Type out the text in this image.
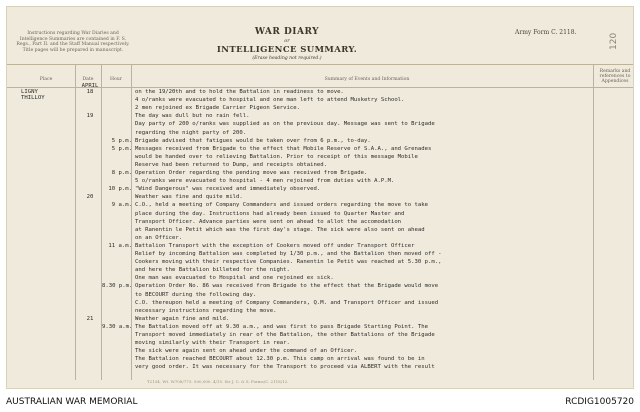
Instructions regarding War Diaries and Intelligence Summaries are contained in F. S. Regs., Part II. and the Staff Manual respectively. Title pages will be prepared in manuscript.
WAR DIARY
or
INTELLIGENCE SUMMARY.
(Erase heading not required.)
Army Form C. 2118.	120
Place	Date	Hour	Summary of Events and Information
Remarks and references to Appendices
LIGNY THILLOY
APRIL 18	on the 19/20th and to hold the Battalion in readiness to move.
4 o/ranks were evacuated to hospital and one man left to attend Musketry School.
2 men rejoined ex Brigade Carrier Pigeon Service.
19	The day was dull but no rain fell.
Day party of 200 o/ranks was supplied as on the previous day. Message was sent to Brigade
regarding the night party of 200.
5 p.m. Brigade advised that fatigues would be taken over from 6 p.m., to-day.
5 p.m. Messages received from Brigade to the effect that Mobile Reserve of S.A.A., and Grenades
would be handed over to relieving Battalion. Prior to receipt of this message Mobile
Reserve had been returned to Dump, and receipts obtained.
8 p.m. Operation Order regarding the pending move was received from Brigade.
5 o/ranks were evacuated to hospital - 4 men rejoined from duties with A.P.M.
10 p.m. "Wind Dangerous" was received and immediately observed.
20	Weather was fine and quite mild.
9 a.m. C.O., held a meeting of Company Commanders and issued orders regarding the move to take
place during the day. Instructions had already been issued to Quarter Master and
Transport Officer. Advance parties were sent on ahead to allot the accomodation
at Ranentin le Petit which was the first day's stage. The sick were also sent on ahead
on an Officer.
11 a.m. Battalion Transport with the exception of Cookers moved off under Transport Officer
Relief by incoming Battalion was completed by 1/30 p.m., and the Battalion then moved off -
Cookers moving with their respective Companies. Ranentin le Petit was reached at 5.30 p.m.,
and here the Battalion billeted for the night.
One man was evacuated to Hospital and one rejoined ex sick.
8.30 p.m. Operation Order No. 86 was received from Brigade to the effect that the Brigade would move
to BECOURT during the following day.
C.O. thereupon held a meeting of Company Commanders, Q.M. and Transport Officer and issued
necessary instructions regarding the move.
21	Weather again fine and mild.
9.30 a.m. The Battalion moved off at 9.30 a.m., and was first to pass Brigade Starting Point. The
Transport moved immediately in rear of the Battalion, the other Battalions of the Brigade
moving similarly with their Transport in rear.
The sick were again sent on ahead under the command of an Officer.
The Battalion reached BECOURT about 12.30 p.m. This camp on arrival was found to be in
very good order. It was necessary for the Transport to proceed via ALBERT with the result
T2134. Wt. W708/773. 500,000. 4/15. Sir J. C. & S. Forms/C. 2118/12.
AUSTRALIAN WAR MEMORIAL	RCDIG1005720
